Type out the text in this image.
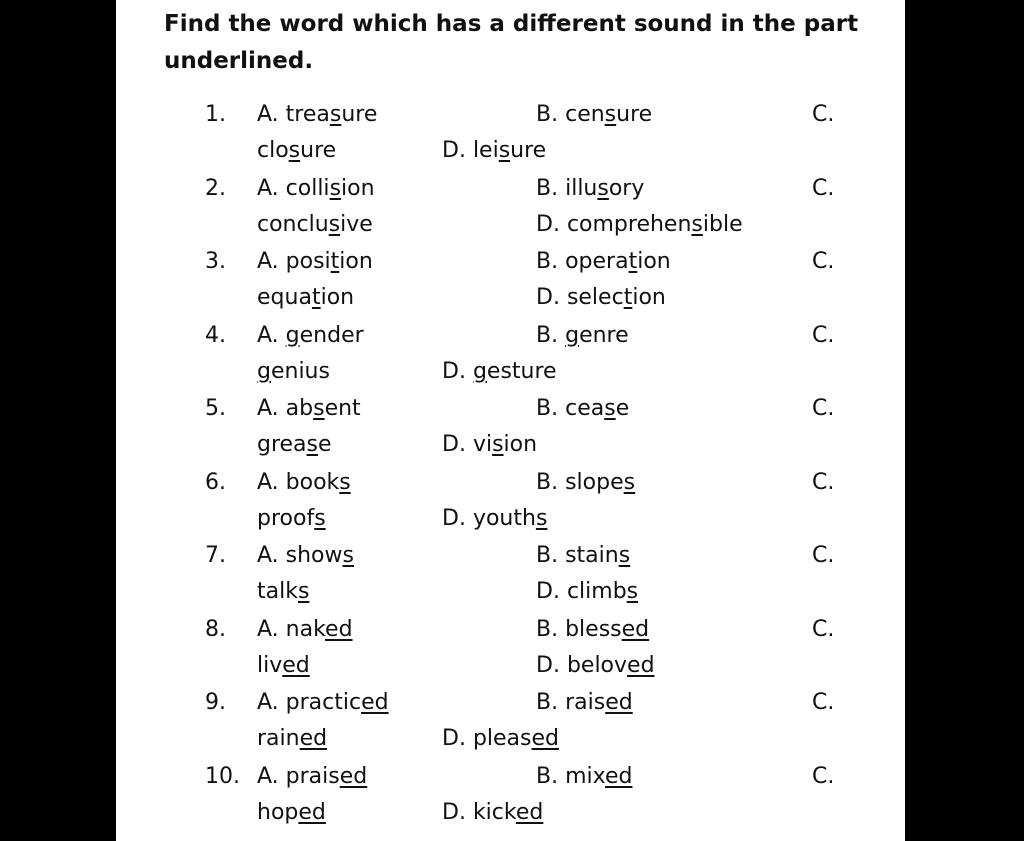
Find the word which has a different sound in the part
underlined.

1. A. treasure	B. censure	C.
closure	D. leisure
2. A. collision	B. illusory	C.
conclusive	D. comprehensible
3. A. position	B. operation	C.
equation	D. selection
4. A. gender	B. genre	C.
genius	D. gesture
5. A. absent	B. cease	C.
grease	D. vision
6. A. books	B. slopes	C.
proofs	D. youths
7. A. shows	B. stains	C.
talks	D. climbs
8. A. naked	B. blessed	C.
lived	D. beloved
9. A. practiced	B. raised	C.
rained	D. pleased
10. A. praised	B. mixed	C.
hoped	D. kicked
